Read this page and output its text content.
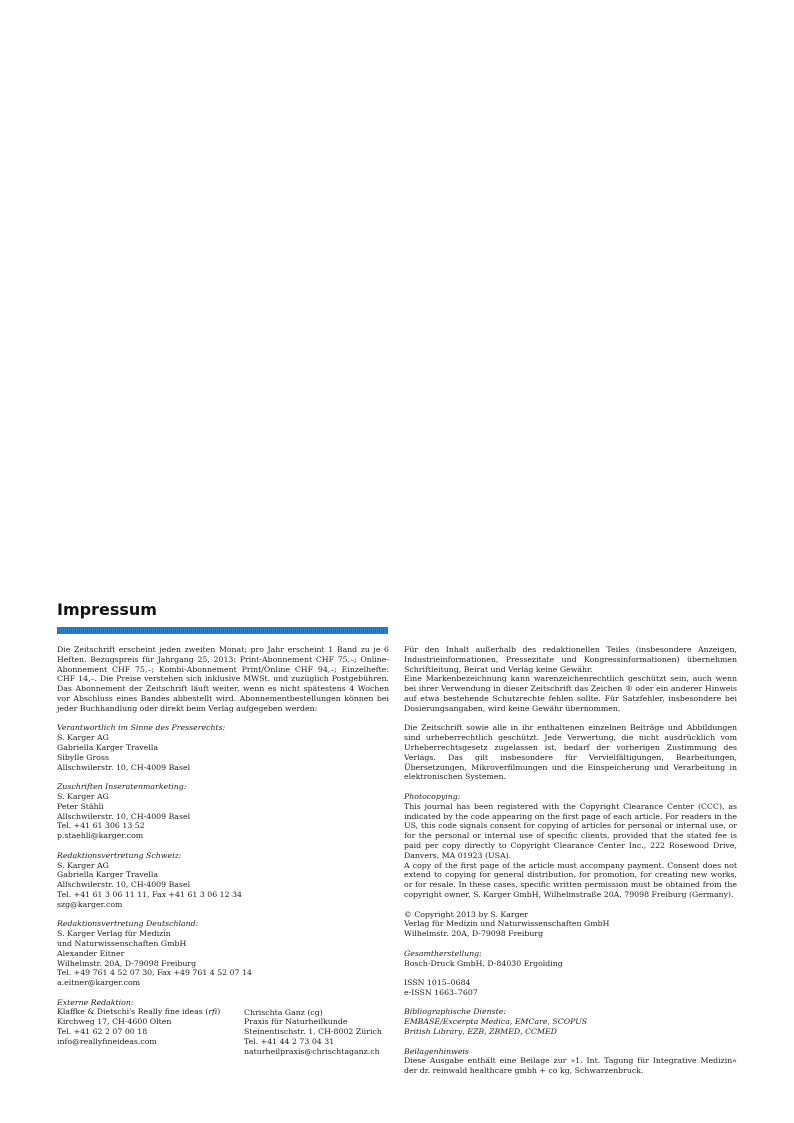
Impressum

Die Zeitschrift erscheint jeden zweiten Monat; pro Jahr erscheint 1 Band zu je 6 Heften. Bezugspreis für Jahrgang 25, 2013: Print-Abonnement CHF 75,–; Online-Abonnement CHF 75,–; Kombi-Abonnement Print/Online CHF 94,–; Einzelhefte: CHF 14,–. Die Preise verstehen sich inklusive MWSt. und zuzüglich Postgebühren. Das Abonnement der Zeitschrift läuft weiter, wenn es nicht spätestens 4 Wochen vor Abschluss eines Bandes abbestellt wird. Abonnementbestellungen können bei jeder Buchhandlung oder direkt beim Verlag aufgegeben werden:

Verantwortlich im Sinne des Presserechts:
S. Karger AG
Gabriella Karger Travella
Sibylle Gross
Allschwilerstr. 10, CH-4009 Basel

Zuschriften Inseratenmarketing:
S. Karger AG
Peter Stähli
Allschwilerstr. 10, CH-4009 Basel
Tel. +41 61 306 13 52
p.staehli@karger.com

Redaktionsvertretung Schweiz:
S. Karger AG
Gabriella Karger Travella
Allschwilerstr. 10, CH-4009 Basel
Tel. +41 61 3 06 11 11, Fax +41 61 3 06 12 34
szg@karger.com

Redaktionsvertretung Deutschland:
S. Karger Verlag für Medizin
und Naturwissenschaften GmbH
Alexander Eitner
Wilhelmstr. 20A, D-79098 Freiburg
Tel. +49 761 4 52 07 30, Fax +49 761 4 52 07 14
a.eitner@karger.com

Externe Redaktion:
Klaffke & Dietschi's Really fine ideas (rfi)
Kirchweg 17, CH-4600 Olten
Tel. +41 62 2 07 00 18
info@reallyfineideas.com
Chrischta Ganz (cg)
Praxis für Naturheilkunde
Steinentischstr. 1, CH-8002 Zürich
Tel. +41 44 2 73 04 31
naturheilpraxis@chrischtaganz.ch

Für den Inhalt außerhalb des redaktionellen Teiles (insbesondere Anzeigen, Industrieinformationen, Pressezitate und Kongressinformationen) übernehmen Schriftleitung, Beirat und Verlag keine Gewähr.
Eine Markenbezeichnung kann warenzeichenrechtlich geschützt sein, auch wenn bei ihrer Verwendung in dieser Zeitschrift das Zeichen ® oder ein anderer Hinweis auf etwa bestehende Schutzrechte fehlen sollte. Für Satzfehler, insbesondere bei Dosierungsangaben, wird keine Gewähr übernommen.

Die Zeitschrift sowie alle in ihr enthaltenen einzelnen Beiträge und Abbildungen sind urheberrechtlich geschützt. Jede Verwertung, die nicht ausdrücklich vom Urheberrechtsgesetz zugelassen ist, bedarf der vorherigen Zustimmung des Verlags. Das gilt insbesondere für Vervielfältigungen, Bearbeitungen, Übersetzungen, Mikroverfilmungen und die Einspeicherung und Verarbeitung in elektronischen Systemen.

Photocopying:
This journal has been registered with the Copyright Clearance Center (CCC), as indicated by the code appearing on the first page of each article. For readers in the US, this code signals consent for copying of articles for personal or internal use, or for the personal or internal use of specific clients, provided that the stated fee is paid per copy directly to Copyright Clearance Center Inc., 222 Rosewood Drive, Danvers, MA 01923 (USA).
A copy of the first page of the article must accompany payment. Consent does not extend to copying for general distribution, for promotion, for creating new works, or for resale. In these cases, specific written permission must be obtained from the copyright owner, S. Karger GmbH, Wilhelmstraße 20A, 79098 Freiburg (Germany).

© Copyright 2013 by S. Karger
Verlag für Medizin und Naturwissenschaften GmbH
Wilhelmstr. 20A, D-79098 Freiburg

Gesamtherstellung:
Bosch-Druck GmbH, D-84030 Ergolding

ISSN 1015–0684
e-ISSN 1663–7607

Bibliographische Dienste:
EMBASE/Excerpta Medica, EMCare, SCOPUS
British Library, EZB, ZBMED, CCMED

Beilagenhinweis
Diese Ausgabe enthält eine Beilage zur »1. Int. Tagung für Integrative Medizin« der dr. reinwald healthcare gmbh + co kg, Schwarzenbruck.
